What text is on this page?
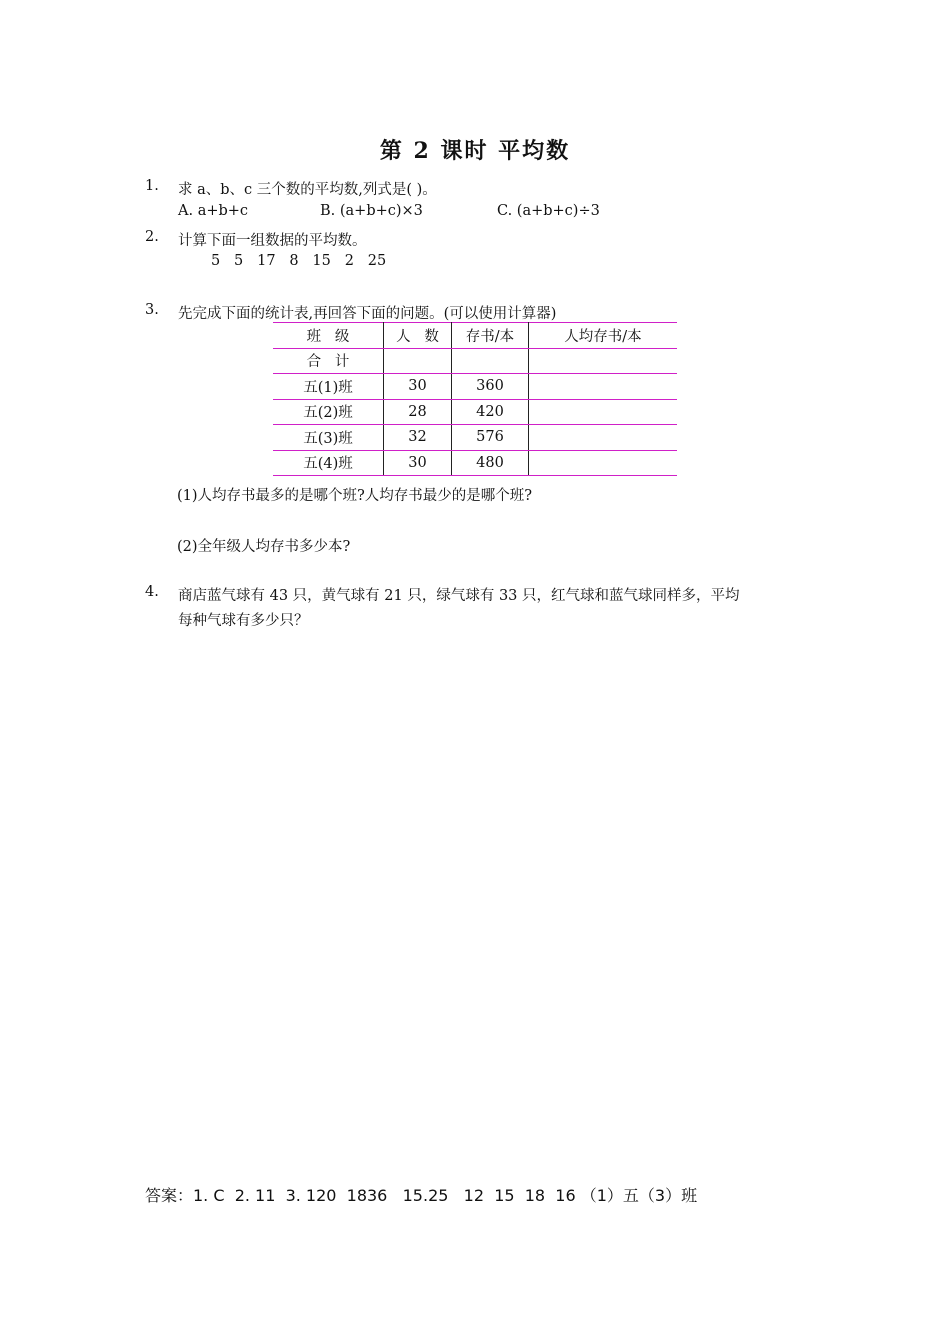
第 2 课时 平均数
1. 求 a、b、c 三个数的平均数,列式是( )。
A. a+b+c	B. (a+b+c)×3	C. (a+b+c)÷3
2. 计算下面一组数据的平均数。
5   5   17   8   15   2   25
3. 先完成下面的统计表,再回答下面的问题。(可以使用计算器)
班   级	人   数	存书/本	人均存书/本
合   计			
五(1)班	30	360	
五(2)班	28	420	
五(3)班	32	576	
五(4)班	30	480	
(1)人均存书最多的是哪个班?人均存书最少的是哪个班?
(2)全年级人均存书多少本?
4. 商店蓝气球有 43 只，黄气球有 21 只，绿气球有 33 只，红气球和蓝气球同样多，平均
每种气球有多少只？
答案：1. C  2. 11  3. 120  1836   15.25   12  15  18  16 （1）五（3）班
